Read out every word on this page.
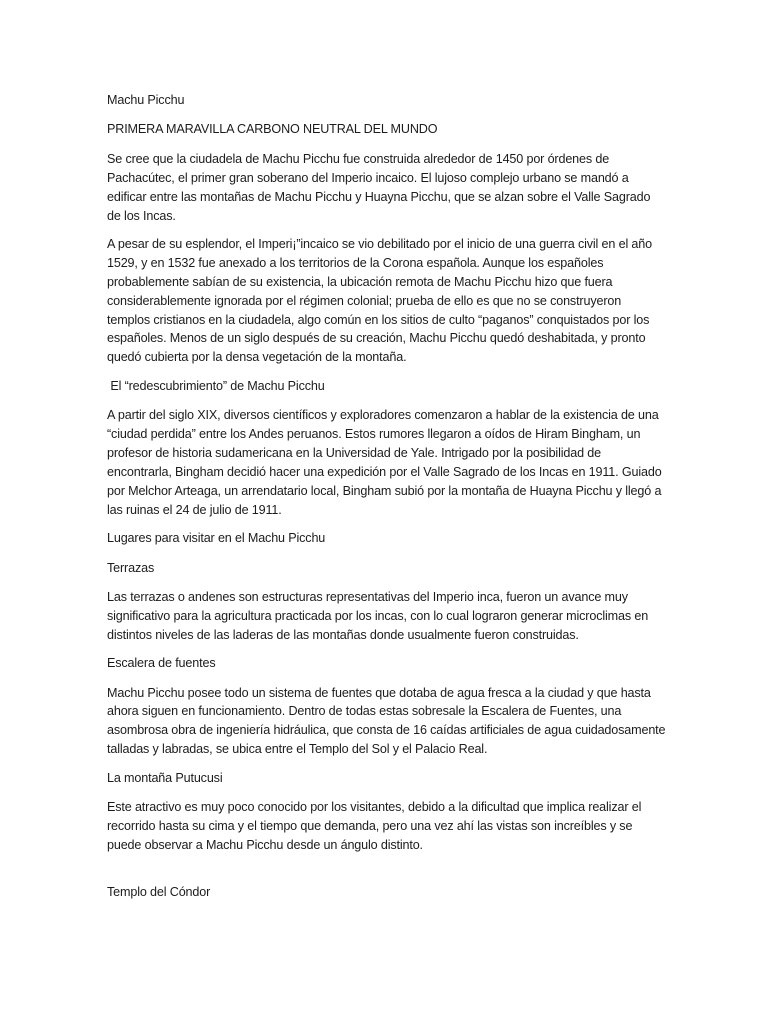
Machu Picchu

PRIMERA MARAVILLA CARBONO NEUTRAL DEL MUNDO

Se cree que la ciudadela de Machu Picchu fue construida alrededor de 1450 por órdenes de Pachacútec, el primer gran soberano del Imperio incaico. El lujoso complejo urbano se mandó a edificar entre las montañas de Machu Picchu y Huayna Picchu, que se alzan sobre el Valle Sagrado de los Incas.

A pesar de su esplendor, el Imperi¡”incaico se vio debilitado por el inicio de una guerra civil en el año 1529, y en 1532 fue anexado a los territorios de la Corona española. Aunque los españoles probablemente sabían de su existencia, la ubicación remota de Machu Picchu hizo que fuera considerablemente ignorada por el régimen colonial; prueba de ello es que no se construyeron templos cristianos en la ciudadela, algo común en los sitios de culto “paganos” conquistados por los españoles. Menos de un siglo después de su creación, Machu Picchu quedó deshabitada, y pronto quedó cubierta por la densa vegetación de la montaña.

El “redescubrimiento” de Machu Picchu

A partir del siglo XIX, diversos científicos y exploradores comenzaron a hablar de la existencia de una “ciudad perdida” entre los Andes peruanos. Estos rumores llegaron a oídos de Hiram Bingham, un profesor de historia sudamericana en la Universidad de Yale. Intrigado por la posibilidad de encontrarla, Bingham decidió hacer una expedición por el Valle Sagrado de los Incas en 1911. Guiado por Melchor Arteaga, un arrendatario local, Bingham subió por la montaña de Huayna Picchu y llegó a las ruinas el 24 de julio de 1911.

Lugares para visitar en el Machu Picchu

Terrazas

Las terrazas o andenes son estructuras representativas del Imperio inca, fueron un avance muy significativo para la agricultura practicada por los incas, con lo cual lograron generar microclimas en distintos niveles de las laderas de las montañas donde usualmente fueron construidas.

Escalera de fuentes

Machu Picchu posee todo un sistema de fuentes que dotaba de agua fresca a la ciudad y que hasta ahora siguen en funcionamiento. Dentro de todas estas sobresale la Escalera de Fuentes, una asombrosa obra de ingeniería hidráulica, que consta de 16 caídas artificiales de agua cuidadosamente talladas y labradas, se ubica entre el Templo del Sol y el Palacio Real.

La montaña Putucusi

Este atractivo es muy poco conocido por los visitantes, debido a la dificultad que implica realizar el recorrido hasta su cima y el tiempo que demanda, pero una vez ahí las vistas son increíbles y se puede observar a Machu Picchu desde un ángulo distinto.

Templo del Cóndor
